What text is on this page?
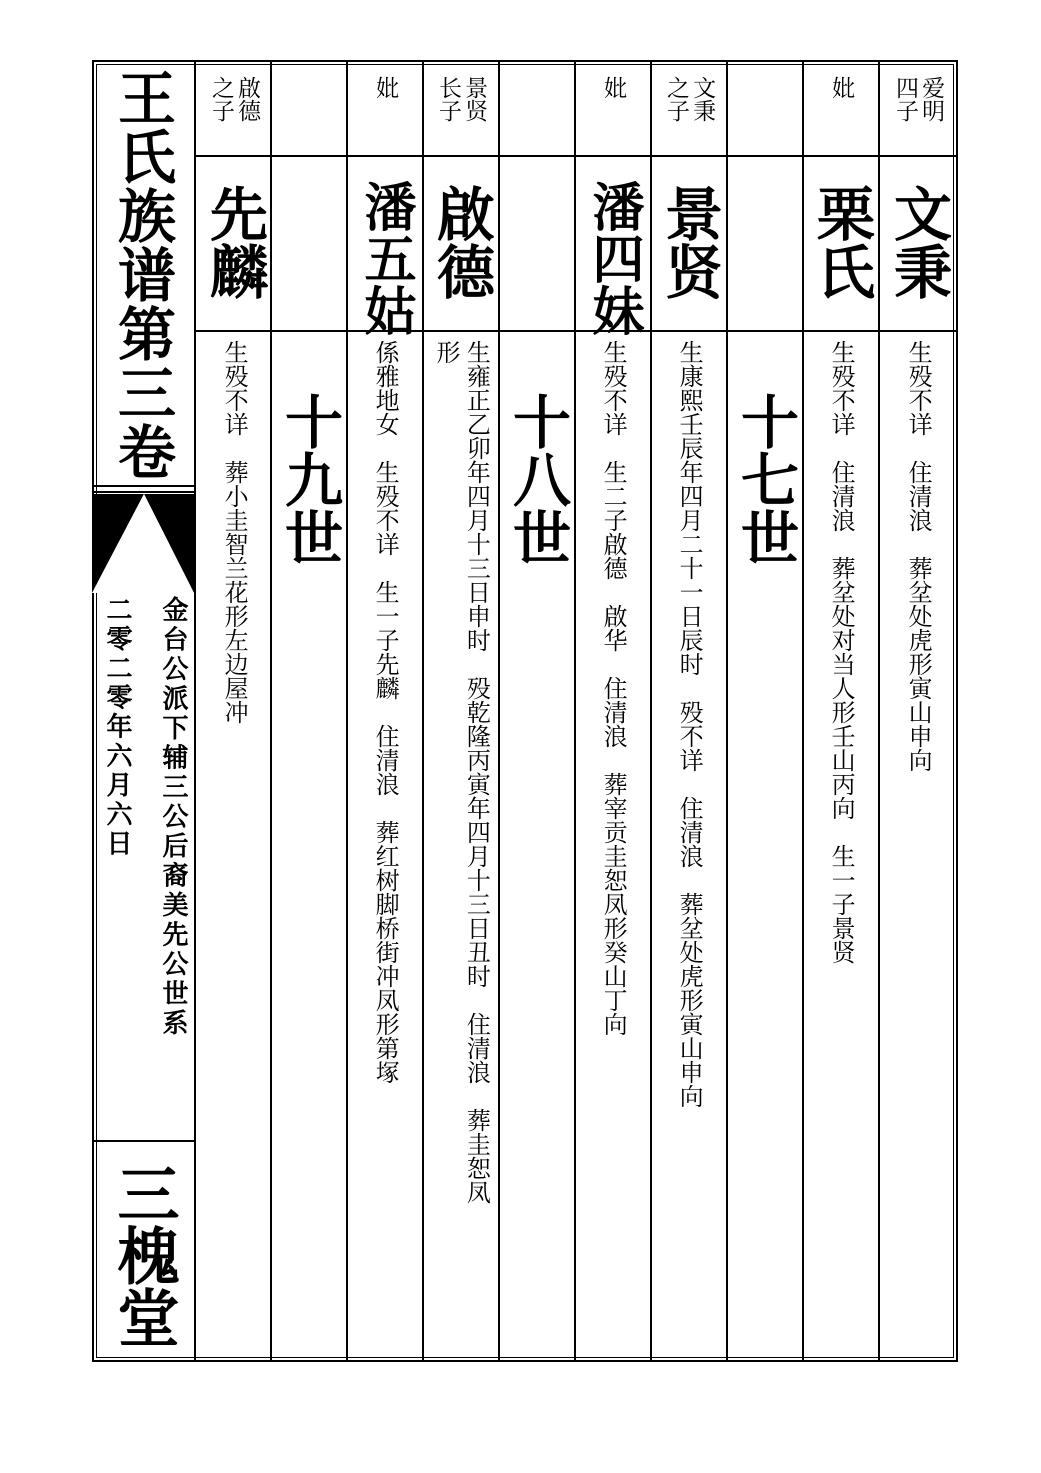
王氏族谱第三卷
金台公派下辅三公后裔美先公世系
二零二零年六月六日
三槐堂
爱明
四子
文秉
生殁不详　住清浪　葬坌处虎形寅山申向
妣
栗氏
生殁不详　住清浪　葬坌处对当人形壬山丙向　生一子景贤
十七世
文秉
之子
景贤
生康熙壬辰年四月二十一日辰时　殁不详　住清浪　葬坌处虎形寅山申向
妣
潘四妹
生殁不详　生二子啟德　啟华　住清浪　葬宰贡圭恕凤形癸山丁向
十八世
景贤
长子
啟德
生雍正乙卯年四月十三日申时　殁乾隆丙寅年四月十三日丑时　住清浪　葬圭恕凤
形
妣
潘五姑
係雅地女　生殁不详　生一子先麟　住清浪　葬红树脚桥街冲凤形第塚
十九世
啟德
之子
先麟
生殁不详　葬小圭智兰花形左边屋冲
